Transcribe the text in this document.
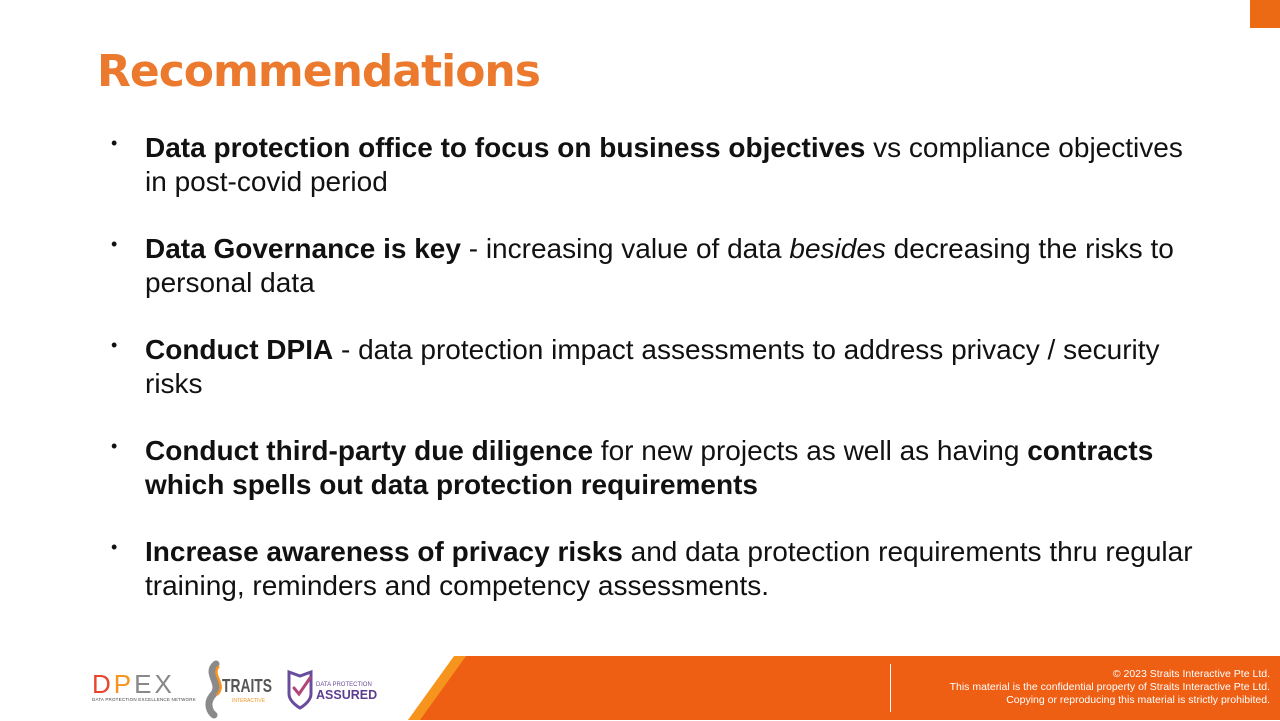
Recommendations
• Data protection office to focus on business objectives vs compliance objectives in post-covid period
• Data Governance is key - increasing value of data besides decreasing the risks to personal data
• Conduct DPIA - data protection impact assessments to address privacy / security risks
• Conduct third-party due diligence for new projects as well as having contracts which spells out data protection requirements
• Increase awareness of privacy risks and data protection requirements thru regular training, reminders and competency assessments.
© 2023 Straits Interactive Pte Ltd.
This material is the confidential property of Straits Interactive Pte Ltd.
Copying or reproducing this material is strictly prohibited.
DPEX
DATA PROTECTION EXCELLENCE NETWORK
TRAITS
INTERACTIVE
DATA PROTECTION
ASSURED
